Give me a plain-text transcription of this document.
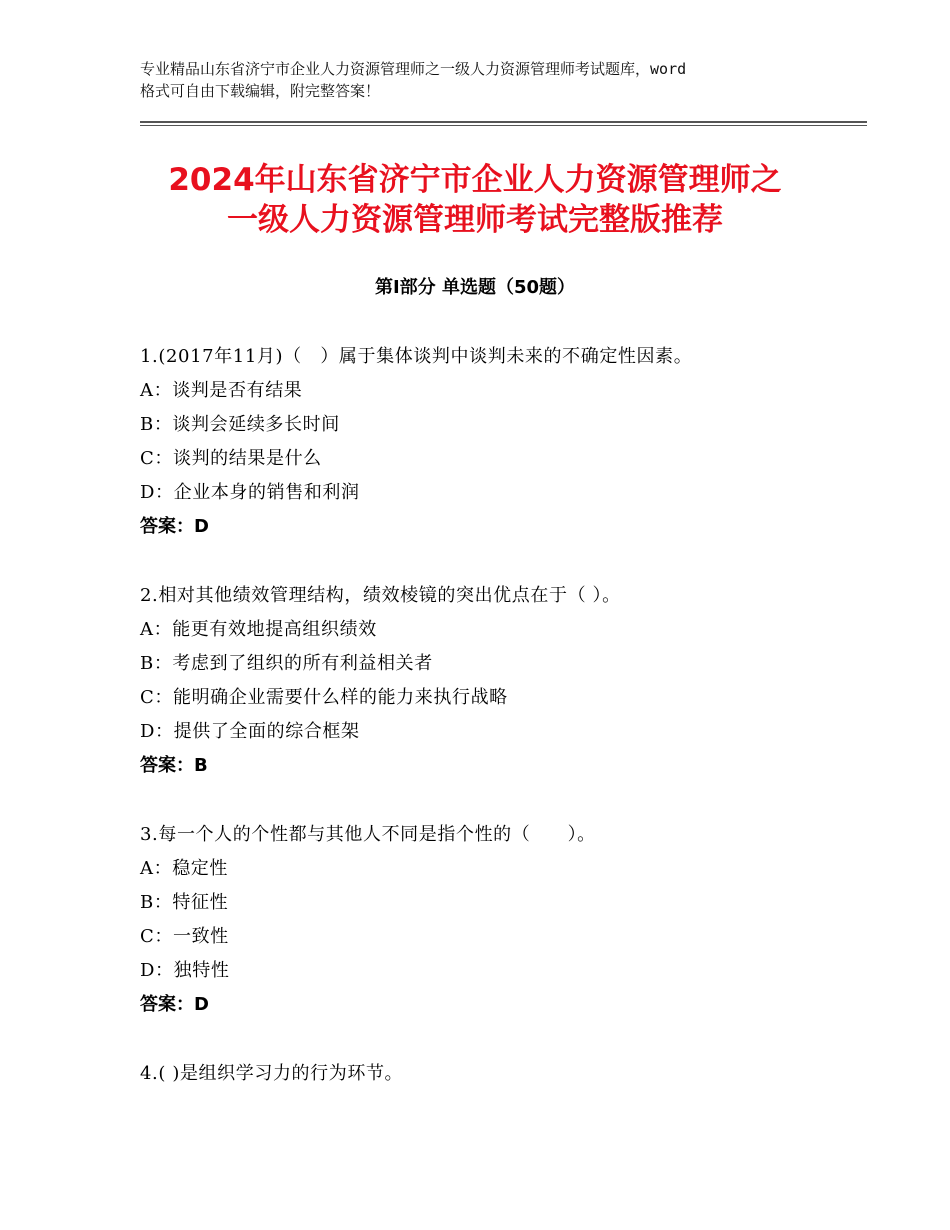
专业精品山东省济宁市企业人力资源管理师之一级人力资源管理师考试题库，word
格式可自由下载编辑，附完整答案！
2024年山东省济宁市企业人力资源管理师之
一级人力资源管理师考试完整版推荐
第Ⅰ部分 单选题（50题）
1.(2017年11月)（　）属于集体谈判中谈判未来的不确定性因素。
A：谈判是否有结果
B：谈判会延续多长时间
C：谈判的结果是什么
D：企业本身的销售和利润
答案：D
2.相对其他绩效管理结构，绩效棱镜的突出优点在于（ ）。
A：能更有效地提高组织绩效
B：考虑到了组织的所有利益相关者
C：能明确企业需要什么样的能力来执行战略
D：提供了全面的综合框架
答案：B
3.每一个人的个性都与其他人不同是指个性的（　　）。
A：稳定性
B：特征性
C：一致性
D：独特性
答案：D
4.( )是组织学习力的行为环节。
